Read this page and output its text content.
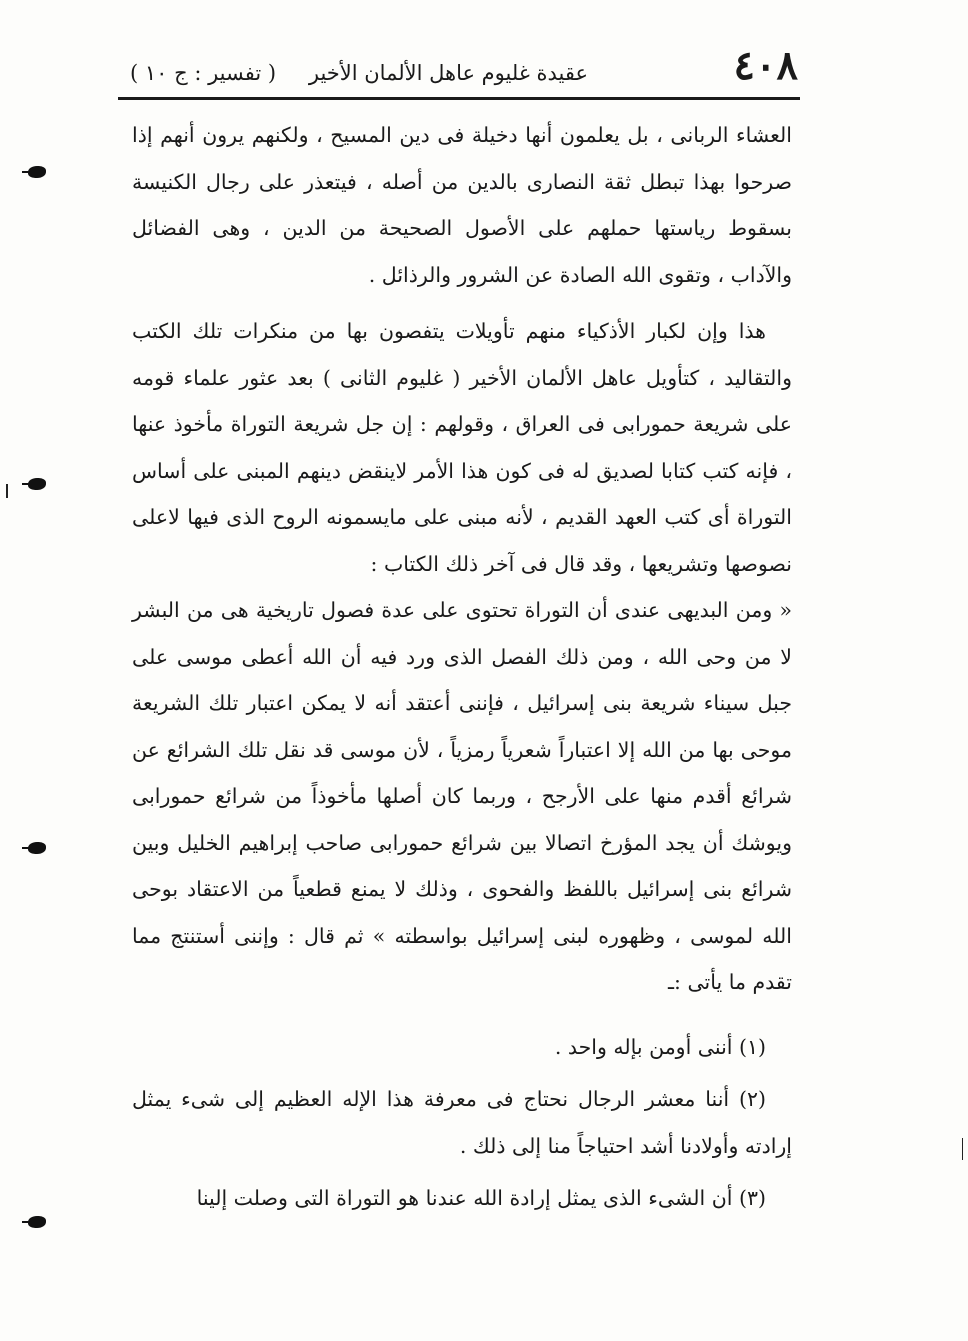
٤٠٨
عقيدة غليوم عاهل الألمان الأخير
( تفسير : ج ١٠ )

العشاء الربانى ، بل يعلمون أنها دخيلة فى دين المسيح ، ولكنهم يرون أنهم إذا صرحوا بهذا تبطل ثقة النصارى بالدين من أصله ، فيتعذر على رجال الكنيسة بسقوط رياستها حملهم على الأصول الصحيحة من الدين ، وهى الفضائل والآداب ، وتقوى الله الصادة عن الشرور والرذائل .

هذا وإن لكبار الأذكياء منهم تأويلات يتفصون بها من منكرات تلك الكتب والتقاليد ، كتأويل عاهل الألمان الأخير ( غليوم الثانى ) بعد عثور علماء قومه على شريعة حمورابى فى العراق ، وقولهم : إن جل شريعة التوراة مأخوذ عنها ، فإنه كتب كتابا لصديق له فى كون هذا الأمر لاينقض دينهم المبنى على أساس التوراة أى كتب العهد القديم ، لأنه مبنى على مايسمونه الروح الذى فيها لاعلى نصوصها وتشريعها ، وقد قال فى آخر ذلك الكتاب :

« ومن البديهى عندى أن التوراة تحتوى على عدة فصول تاريخية هى من البشر لا من وحى الله ، ومن ذلك الفصل الذى ورد فيه أن الله أعطى موسى على جبل سيناء شريعة بنى إسرائيل ، فإننى أعتقد أنه لا يمكن اعتبار تلك الشريعة موحى بها من الله إلا اعتباراً شعرياً رمزياً ، لأن موسى قد نقل تلك الشرائع عن شرائع أقدم منها على الأرجح ، وربما كان أصلها مأخوذاً من شرائع حمورابى ويوشك أن يجد المؤرخ اتصالا بين شرائع حمورابى صاحب إبراهيم الخليل وبين شرائع بنى إسرائيل باللفظ والفحوى ، وذلك لا يمنع قطعياً من الاعتقاد بوحى الله لموسى ، وظهوره لبنى إسرائيل بواسطته » ثم قال : وإننى أستنتج مما تقدم ما يأتى :ـ

(١) أننى أومن بإله واحد .

(٢) أننا معشر الرجال نحتاج فى معرفة هذا الإله العظيم إلى شىء يمثل إرادته وأولادنا أشد احتياجاً منا إلى ذلك .

(٣) أن الشىء الذى يمثل إرادة الله عندنا هو التوراة التى وصلت إلينا
